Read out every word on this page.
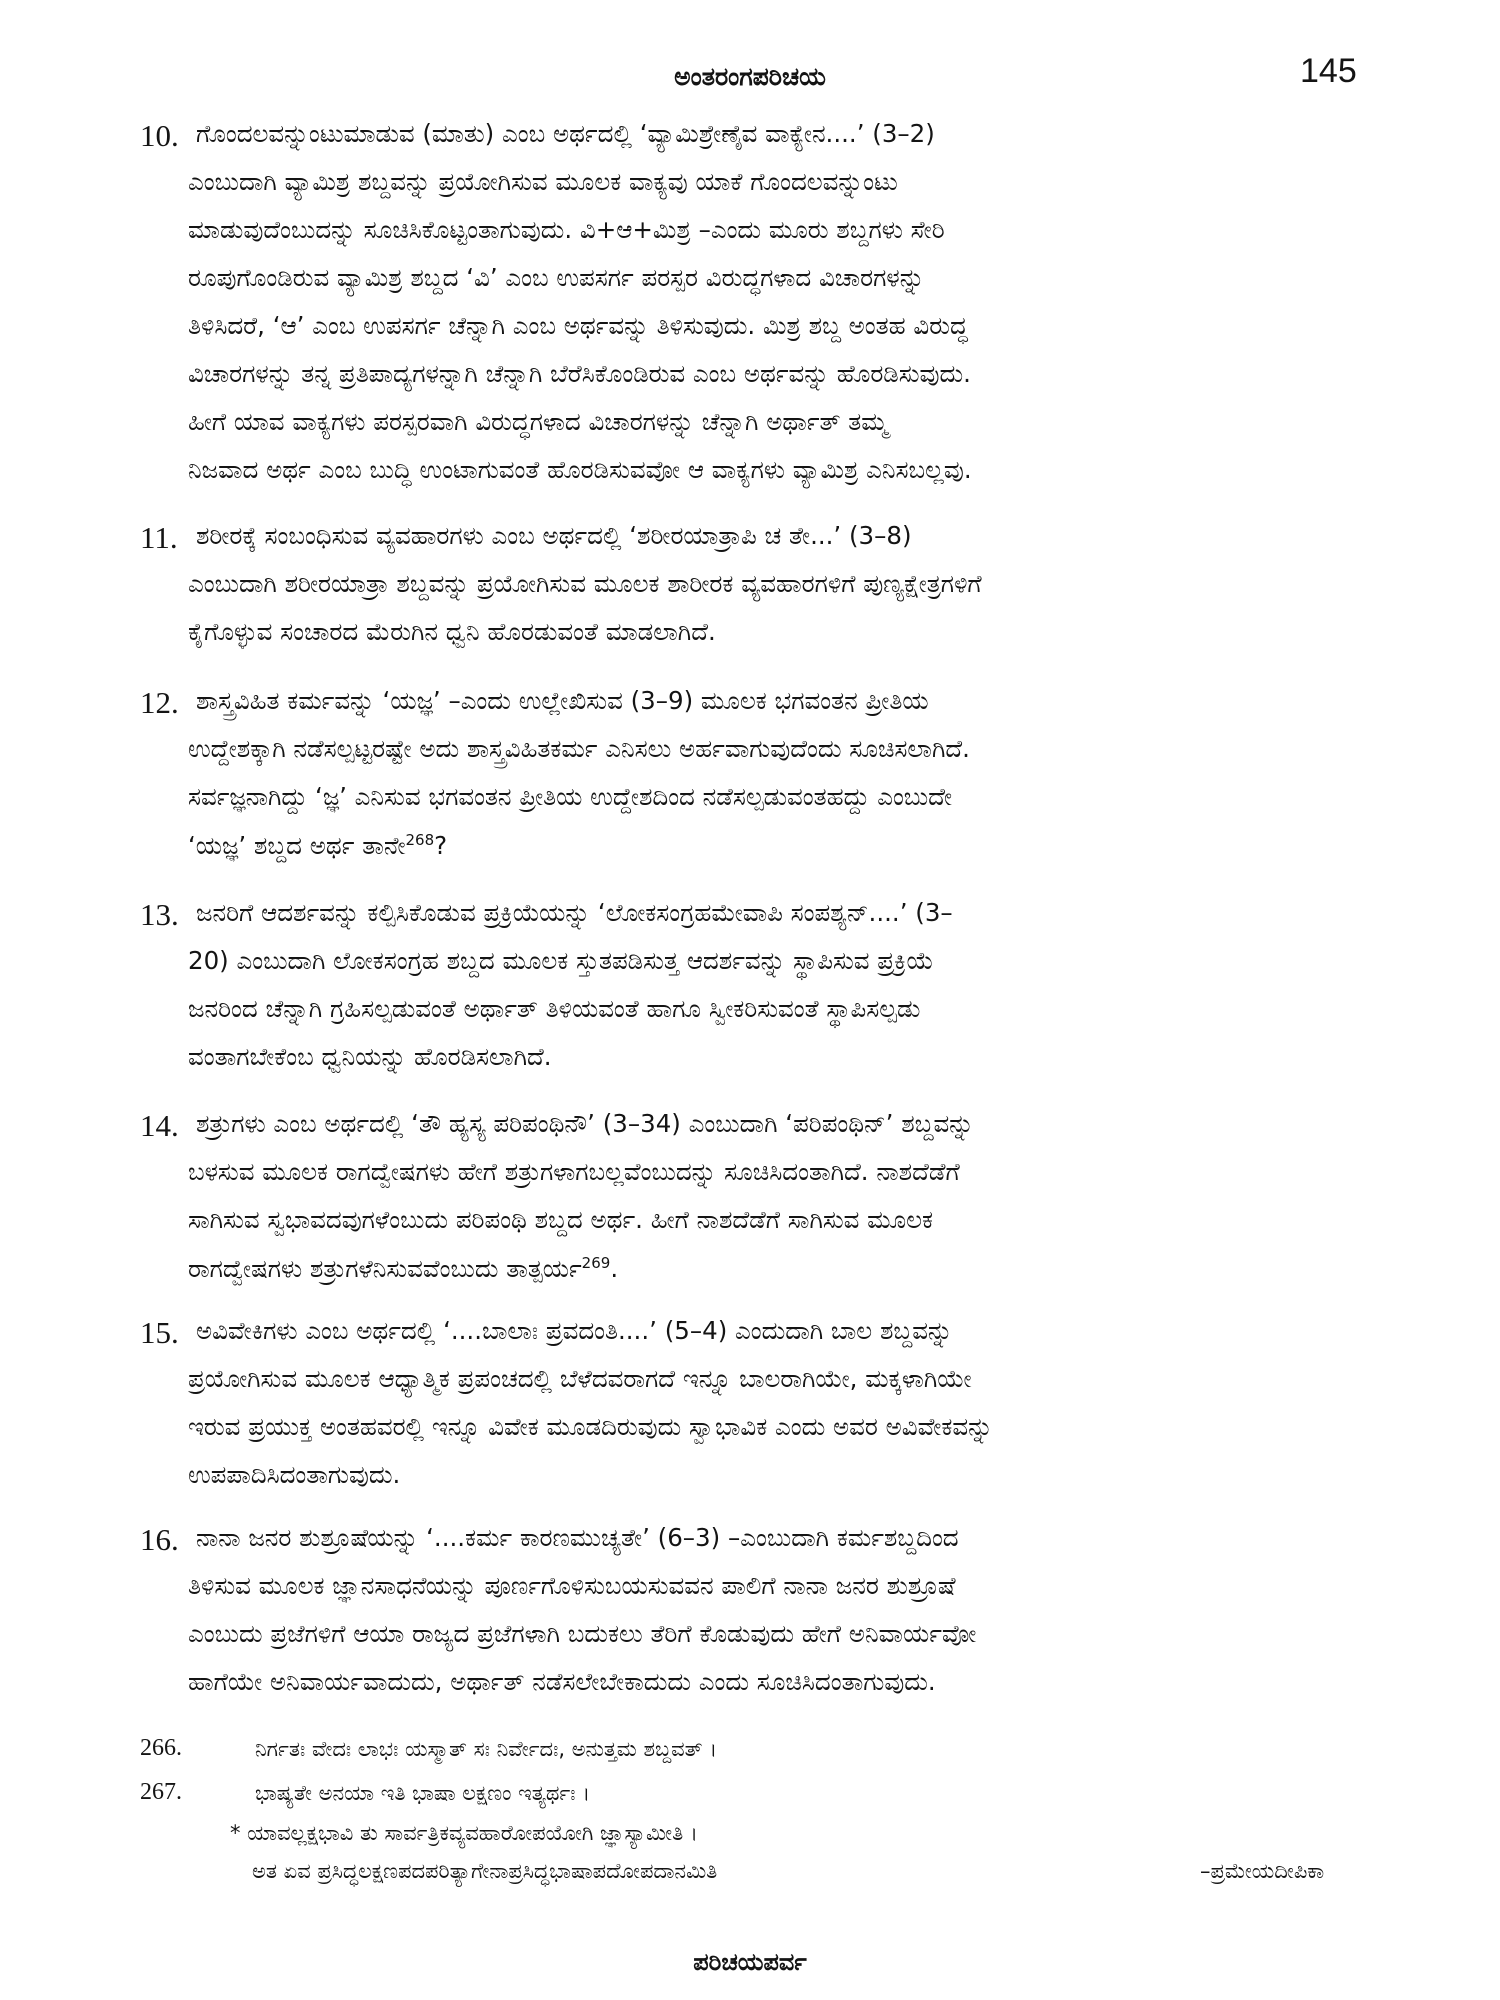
ಅಂತರಂಗಪರಿಚಯ	145
10. ಗೊಂದಲವನ್ನುಂಟುಮಾಡುವ (ಮಾತು) ಎಂಬ ಅರ್ಥದಲ್ಲಿ ‘ವ್ಯಾಮಿಶ್ರೇಣೈವ ವಾಕ್ಯೇನ....’ (3–2)
ಎಂಬುದಾಗಿ ವ್ಯಾಮಿಶ್ರ ಶಬ್ದವನ್ನು ಪ್ರಯೋಗಿಸುವ ಮೂಲಕ ವಾಕ್ಯವು ಯಾಕೆ ಗೊಂದಲವನ್ನುಂಟು
ಮಾಡುವುದೆಂಬುದನ್ನು ಸೂಚಿಸಿಕೊಟ್ಟಂತಾಗುವುದು. ವಿ+ಆ+ಮಿಶ್ರ –ಎಂದು ಮೂರು ಶಬ್ದಗಳು ಸೇರಿ
ರೂಪುಗೊಂಡಿರುವ ವ್ಯಾಮಿಶ್ರ ಶಬ್ದದ ‘ವಿ’ ಎಂಬ ಉಪಸರ್ಗ ಪರಸ್ಪರ ವಿರುದ್ಧಗಳಾದ ವಿಚಾರಗಳನ್ನು
ತಿಳಿಸಿದರೆ, ‘ಆ’ ಎಂಬ ಉಪಸರ್ಗ ಚೆನ್ನಾಗಿ ಎಂಬ ಅರ್ಥವನ್ನು ತಿಳಿಸುವುದು. ಮಿಶ್ರ ಶಬ್ದ ಅಂತಹ ವಿರುದ್ಧ
ವಿಚಾರಗಳನ್ನು ತನ್ನ ಪ್ರತಿಪಾದ್ಯಗಳನ್ನಾಗಿ ಚೆನ್ನಾಗಿ ಬೆರೆಸಿಕೊಂಡಿರುವ ಎಂಬ ಅರ್ಥವನ್ನು ಹೊರಡಿಸುವುದು.
ಹೀಗೆ ಯಾವ ವಾಕ್ಯಗಳು ಪರಸ್ಪರವಾಗಿ ವಿರುದ್ಧಗಳಾದ ವಿಚಾರಗಳನ್ನು ಚೆನ್ನಾಗಿ ಅರ್ಥಾತ್ ತಮ್ಮ
ನಿಜವಾದ ಅರ್ಥ ಎಂಬ ಬುದ್ಧಿ ಉಂಟಾಗುವಂತೆ ಹೊರಡಿಸುವವೋ ಆ ವಾಕ್ಯಗಳು ವ್ಯಾಮಿಶ್ರ ಎನಿಸಬಲ್ಲವು.
11. ಶರೀರಕ್ಕೆ ಸಂಬಂಧಿಸುವ ವ್ಯವಹಾರಗಳು ಎಂಬ ಅರ್ಥದಲ್ಲಿ ‘ಶರೀರಯಾತ್ರಾಪಿ ಚ ತೇ...’ (3–8)
ಎಂಬುದಾಗಿ ಶರೀರಯಾತ್ರಾ ಶಬ್ದವನ್ನು ಪ್ರಯೋಗಿಸುವ ಮೂಲಕ ಶಾರೀರಕ ವ್ಯವಹಾರಗಳಿಗೆ ಪುಣ್ಯಕ್ಷೇತ್ರಗಳಿಗೆ
ಕೈಗೊಳ್ಳುವ ಸಂಚಾರದ ಮೆರುಗಿನ ಧ್ವನಿ ಹೊರಡುವಂತೆ ಮಾಡಲಾಗಿದೆ.
12. ಶಾಸ್ತ್ರವಿಹಿತ ಕರ್ಮವನ್ನು ‘ಯಜ್ಞ’ –ಎಂದು ಉಲ್ಲೇಖಿಸುವ (3–9) ಮೂಲಕ ಭಗವಂತನ ಪ್ರೀತಿಯ
ಉದ್ದೇಶಕ್ಕಾಗಿ ನಡೆಸಲ್ಪಟ್ಟರಷ್ಟೇ ಅದು ಶಾಸ್ತ್ರವಿಹಿತಕರ್ಮ ಎನಿಸಲು ಅರ್ಹವಾಗುವುದೆಂದು ಸೂಚಿಸಲಾಗಿದೆ.
ಸರ್ವಜ್ಞನಾಗಿದ್ದು ‘ಜ್ಞ’ ಎನಿಸುವ ಭಗವಂತನ ಪ್ರೀತಿಯ ಉದ್ದೇಶದಿಂದ ನಡೆಸಲ್ಪಡುವಂತಹದ್ದು ಎಂಬುದೇ
‘ಯಜ್ಞ’ ಶಬ್ದದ ಅರ್ಥ ತಾನೇ$^{268}$?
13. ಜನರಿಗೆ ಆದರ್ಶವನ್ನು ಕಲ್ಪಿಸಿಕೊಡುವ ಪ್ರಕ್ರಿಯೆಯನ್ನು ‘ಲೋಕಸಂಗ್ರಹಮೇವಾಪಿ ಸಂಪಶ್ಯನ್....’ (3–
20) ಎಂಬುದಾಗಿ ಲೋಕಸಂಗ್ರಹ ಶಬ್ದದ ಮೂಲಕ ಸ್ತುತಪಡಿಸುತ್ತ ಆದರ್ಶವನ್ನು ಸ್ಥಾಪಿಸುವ ಪ್ರಕ್ರಿಯೆ
ಜನರಿಂದ ಚೆನ್ನಾಗಿ ಗ್ರಹಿಸಲ್ಪಡುವಂತೆ ಅರ್ಥಾತ್ ತಿಳಿಯವಂತೆ ಹಾಗೂ ಸ್ವೀಕರಿಸುವಂತೆ ಸ್ಥಾಪಿಸಲ್ಪಡು
ವಂತಾಗಬೇಕೆಂಬ ಧ್ವನಿಯನ್ನು ಹೊರಡಿಸಲಾಗಿದೆ.
14. ಶತ್ರುಗಳು ಎಂಬ ಅರ್ಥದಲ್ಲಿ ‘ತೌ ಹ್ಯಸ್ಯ ಪರಿಪಂಥಿನೌ’ (3–34) ಎಂಬುದಾಗಿ ‘ಪರಿಪಂಥಿನ್’ ಶಬ್ದವನ್ನು
ಬಳಸುವ ಮೂಲಕ ರಾಗದ್ವೇಷಗಳು ಹೇಗೆ ಶತ್ರುಗಳಾಗಬಲ್ಲವೆಂಬುದನ್ನು ಸೂಚಿಸಿದಂತಾಗಿದೆ. ನಾಶದೆಡೆಗೆ
ಸಾಗಿಸುವ ಸ್ವಭಾವದವುಗಳೆಂಬುದು ಪರಿಪಂಥಿ ಶಬ್ದದ ಅರ್ಥ. ಹೀಗೆ ನಾಶದೆಡೆಗೆ ಸಾಗಿಸುವ ಮೂಲಕ
ರಾಗದ್ವೇಷಗಳು ಶತ್ರುಗಳೆನಿಸುವವೆಂಬುದು ತಾತ್ಪರ್ಯ$^{269}$.
15. ಅವಿವೇಕಿಗಳು ಎಂಬ ಅರ್ಥದಲ್ಲಿ ‘....ಬಾಲಾಃ ಪ್ರವದಂತಿ....’ (5–4) ಎಂದುದಾಗಿ ಬಾಲ ಶಬ್ದವನ್ನು
ಪ್ರಯೋಗಿಸುವ ಮೂಲಕ ಆಧ್ಯಾತ್ಮಿಕ ಪ್ರಪಂಚದಲ್ಲಿ ಬೆಳೆದವರಾಗದೆ ಇನ್ನೂ ಬಾಲರಾಗಿಯೇ, ಮಕ್ಕಳಾಗಿಯೇ
ಇರುವ ಪ್ರಯುಕ್ತ ಅಂತಹವರಲ್ಲಿ ಇನ್ನೂ ವಿವೇಕ ಮೂಡದಿರುವುದು ಸ್ವಾಭಾವಿಕ ಎಂದು ಅವರ ಅವಿವೇಕವನ್ನು
ಉಪಪಾದಿಸಿದಂತಾಗುವುದು.
16. ನಾನಾ ಜನರ ಶುಶ್ರೂಷೆಯನ್ನು ‘....ಕರ್ಮ ಕಾರಣಮುಚ್ಯತೇ’ (6–3) –ಎಂಬುದಾಗಿ ಕರ್ಮಶಬ್ದದಿಂದ
ತಿಳಿಸುವ ಮೂಲಕ ಜ್ಞಾನಸಾಧನೆಯನ್ನು ಪೂರ್ಣಗೊಳಿಸುಬಯಸುವವನ ಪಾಲಿಗೆ ನಾನಾ ಜನರ ಶುಶ್ರೂಷೆ
ಎಂಬುದು ಪ್ರಜೆಗಳಿಗೆ ಆಯಾ ರಾಜ್ಯದ ಪ್ರಜೆಗಳಾಗಿ ಬದುಕಲು ತೆರಿಗೆ ಕೊಡುವುದು ಹೇಗೆ ಅನಿವಾರ್ಯವೋ
ಹಾಗೆಯೇ ಅನಿವಾರ್ಯವಾದುದು, ಅರ್ಥಾತ್ ನಡೆಸಲೇಬೇಕಾದುದು ಎಂದು ಸೂಚಿಸಿದಂತಾಗುವುದು.
266.	ನಿರ್ಗತಃ ವೇದಃ ಲಾಭಃ ಯಸ್ಮಾತ್ ಸಃ ನಿರ್ವೇದಃ, ಅನುತ್ತಮ ಶಬ್ದವತ್ ।
267.	ಭಾಷ್ಯತೇ ಅನಯಾ ಇತಿ ಭಾಷಾ ಲಕ್ಷಣಂ ಇತ್ಯರ್ಥಃ ।
* ಯಾವಲ್ಲಕ್ಷಭಾವಿ ತು ಸಾರ್ವತ್ರಿಕವ್ಯವಹಾರೋಪಯೋಗಿ ಜ್ಞಾಸ್ಯಾಮೀತಿ ।
ಅತ ಏವ ಪ್ರಸಿದ್ಧಲಕ್ಷಣಪದಪರಿತ್ಯಾಗೇನಾಪ್ರಸಿದ್ಧಭಾಷಾಪದೋಪದಾನಮಿತಿ	–ಪ್ರಮೇಯದೀಪಿಕಾ
ಪರಿಚಯಪರ್ವ
